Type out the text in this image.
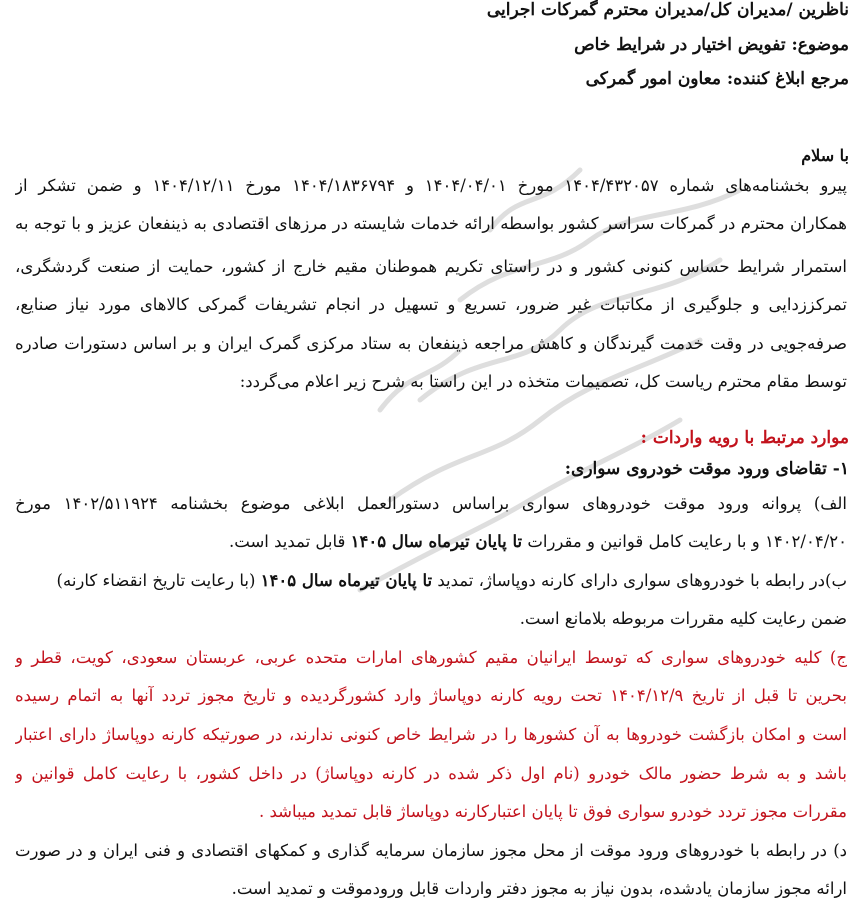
ناظرین /مدیران کل/مدیران محترم گمرکات اجرایی
موضوع: تفویض اختیار در شرایط خاص
مرجع ابلاغ کننده: معاون امور گمرکی
با سلام
پیرو بخشنامه‌های شماره ۱۴۰۴/۴۳۲۰۵۷ مورخ ۱۴۰۴/۰۴/۰۱ و ۱۴۰۴/۱۸۳۶۷۹۴ مورخ ۱۴۰۴/۱۲/۱۱ و ضمن تشکر از
همکاران محترم در گمرکات سراسر کشور بواسطه ارائه خدمات شایسته در مرزهای اقتصادی به ذینفعان عزیز و با توجه به
استمرار شرایط حساس کنونی کشور و در راستای تکریم هموطنان مقیم خارج از کشور، حمایت از صنعت گردشگری،
تمرکززدایی و جلوگیری از مکاتبات غیر ضرور، تسریع و تسهیل در انجام تشریفات گمرکی کالاهای مورد نیاز صنایع،
صرفه‌جویی در وقت خدمت گیرندگان و کاهش مراجعه ذینفعان به ستاد مرکزی گمرک ایران و بر اساس دستورات صادره
توسط مقام محترم ریاست کل، تصمیمات متخذه در این راستا به شرح زیر اعلام می‌گردد:
موارد مرتبط با رویه واردات :
۱- تقاضای ورود موقت خودروی سواری:
الف) پروانه ورود موقت خودروهای سواری براساس دستورالعمل ابلاغی موضوع بخشنامه ۱۴۰۲/۵۱۱۹۲۴ مورخ
۱۴۰۲/۰۴/۲۰ و با رعایت کامل قوانین و مقررات تا پایان تیرماه سال ۱۴۰۵ قابل تمدید است.
ب)در رابطه با خودروهای سواری دارای کارنه دوپاساژ، تمدید تا پایان تیرماه سال ۱۴۰۵ (با رعایت تاریخ انقضاء کارنه)
ضمن رعایت کلیه مقررات مربوطه بلامانع است.
ج) کلیه خودروهای سواری که توسط ایرانیان مقیم کشورهای امارات متحده عربی، عربستان سعودی، کویت، قطر و
بحرین تا قبل از تاریخ ۱۴۰۴/۱۲/۹ تحت رویه کارنه دوپاساژ وارد کشورگردیده و تاریخ مجوز تردد آنها به اتمام رسیده
است و امکان بازگشت خودروها به آن کشورها را در شرایط خاص کنونی ندارند، در صورتیکه کارنه دوپاساژ دارای اعتبار
باشد و به شرط حضور مالک خودرو (نام اول ذکر شده در کارنه دوپاساژ) در داخل کشور، با رعایت کامل قوانین و
مقررات مجوز تردد خودرو سواری فوق تا پایان اعتبارکارنه دوپاساژ قابل تمدید میباشد .
د) در رابطه با خودروهای ورود موقت از محل مجوز سازمان سرمایه گذاری و کمکهای اقتصادی و فنی ایران و در صورت
ارائه مجوز سازمان یادشده، بدون نیاز به مجوز دفتر واردات قابل ورودموقت و تمدید است.
